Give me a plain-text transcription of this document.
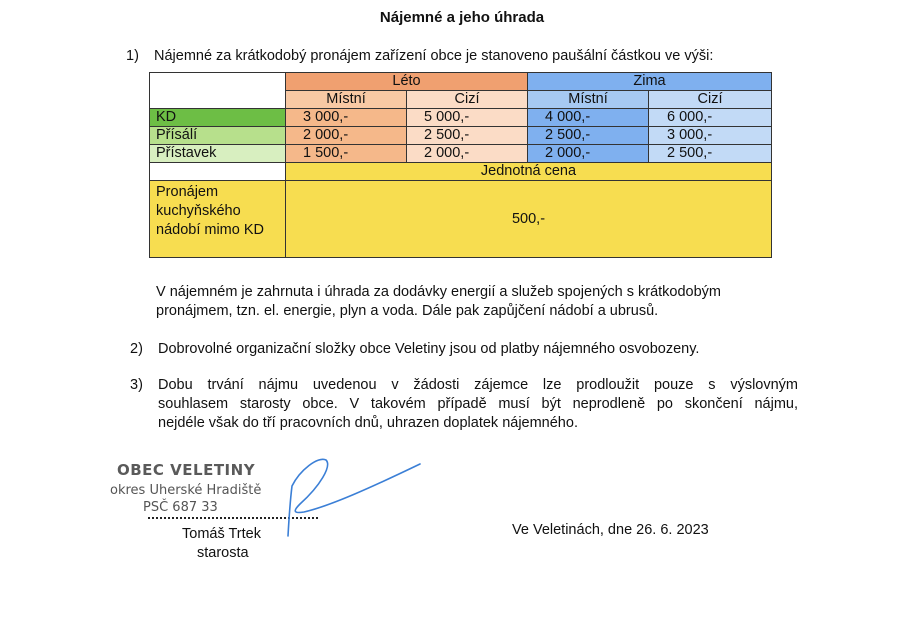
Nájemné a jeho úhrada
1) Nájemné za krátkodobý pronájem zařízení obce je stanoveno paušální částkou ve výši:
	Léto		Zima	
	Místní	Cizí	Místní	Cizí
KD	3 000,-	5 000,-	4 000,-	6 000,-
Přísálí	2 000,-	2 500,-	2 500,-	3 000,-
Přístavek	1 500,-	2 000,-	2 000,-	2 500,-
	Jednotná cena			
Pronájem kuchyňského nádobí mimo KD	500,-			
V nájemném je zahrnuta i úhrada za dodávky energií a služeb spojených s krátkodobým
pronájmem, tzn. el. energie, plyn a voda. Dále pak zapůjčení nádobí a ubrusů.
2) Dobrovolné organizační složky obce Veletiny jsou od platby nájemného osvobozeny.
3) Dobu trvání nájmu uvedenou v žádosti zájemce lze prodloužit pouze s výslovným
souhlasem starosty obce. V takovém případě musí být neprodleně po skončení nájmu,
nejdéle však do tří pracovních dnů, uhrazen doplatek nájemného.
OBEC VELETINY
okres Uherské Hradiště
PSČ 687 33
Tomáš Trtek
starosta
Ve Veletinách, dne 26. 6. 2023
